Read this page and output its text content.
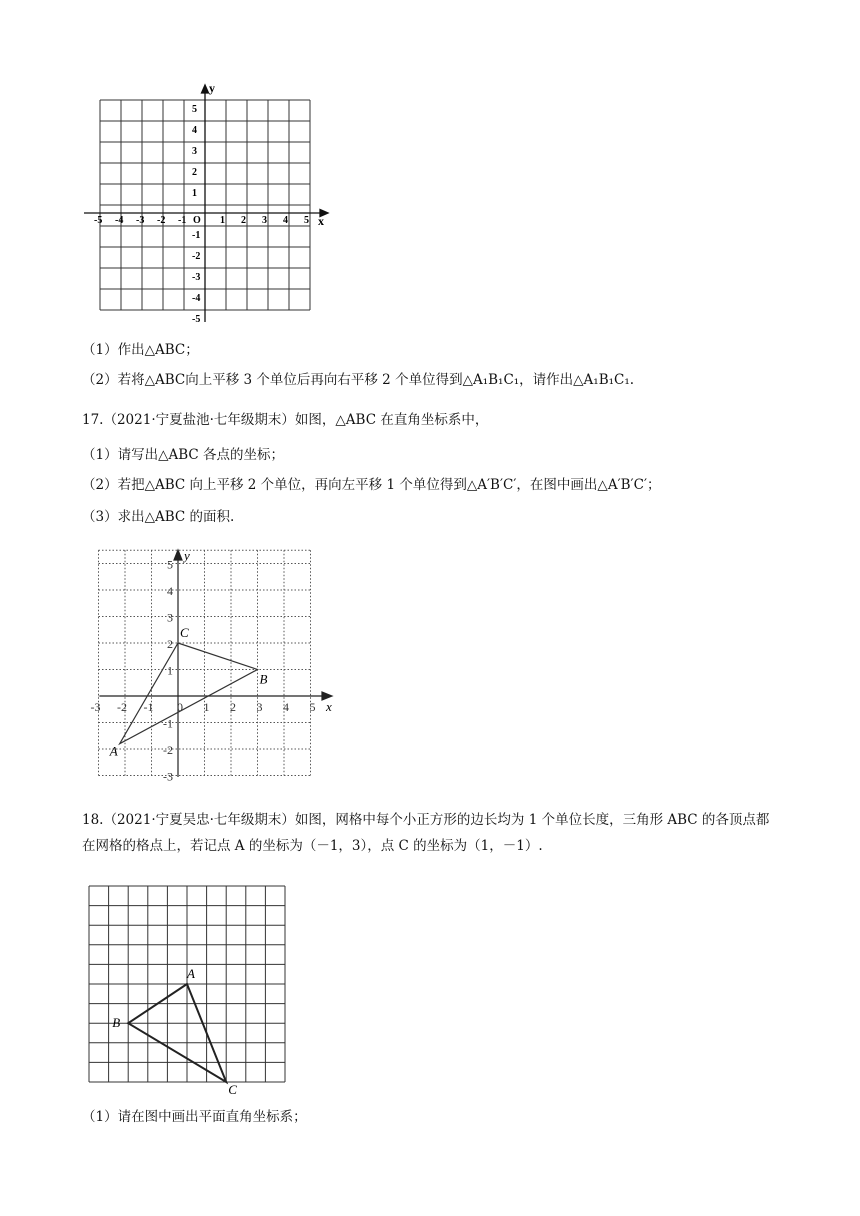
-5 -4 -3 -2 -1 O 1 2 3 4 5
5
4
3
2
1
-1
-2
-3
-4
-5
x
y
（1）作出△ABC；
（2）若将△ABC向上平移 3 个单位后再向右平移 2 个单位得到△A₁B₁C₁，请作出△A₁B₁C₁.
17.（2021·宁夏盐池·七年级期末）如图，△ABC 在直角坐标系中，
（1）请写出△ABC 各点的坐标；
（2）若把△ABC 向上平移 2 个单位，再向左平移 1 个单位得到△A′B′C′，在图中画出△A′B′C′；
（3）求出△ABC 的面积.
-3 -2 -1 0 1 2 3 4 5
5
4
3
2
1
-1
-2
-3
A
B
C
x
y
18.（2021·宁夏吴忠·七年级期末）如图，网格中每个小正方形的边长均为 1 个单位长度，三角形 ABC 的各顶点都在网格的格点上，若记点 A 的坐标为（－1，3），点 C 的坐标为（1，－1）.
A
B
C
（1）请在图中画出平面直角坐标系；
